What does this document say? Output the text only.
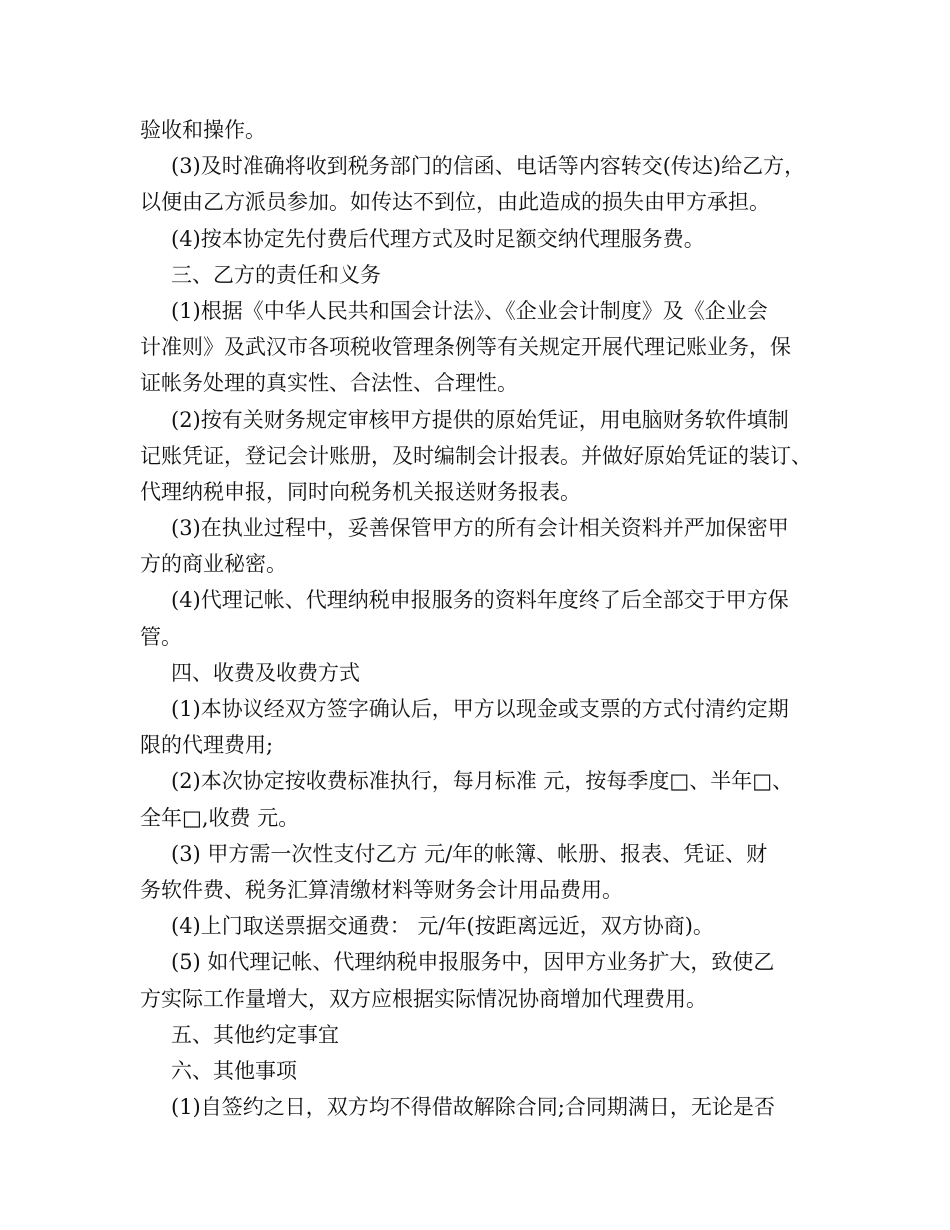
验收和操作。
(3)及时准确将收到税务部门的信函、电话等内容转交(传达)给乙方，
以便由乙方派员参加。如传达不到位，由此造成的损失由甲方承担。
(4)按本协定先付费后代理方式及时足额交纳代理服务费。
三、乙方的责任和义务
(1)根据《中华人民共和国会计法》、《企业会计制度》及《企业会
计准则》及武汉市各项税收管理条例等有关规定开展代理记账业务，保
证帐务处理的真实性、合法性、合理性。
(2)按有关财务规定审核甲方提供的原始凭证，用电脑财务软件填制
记账凭证，登记会计账册，及时编制会计报表。并做好原始凭证的装订、
代理纳税申报，同时向税务机关报送财务报表。
(3)在执业过程中，妥善保管甲方的所有会计相关资料并严加保密甲
方的商业秘密。
(4)代理记帐、代理纳税申报服务的资料年度终了后全部交于甲方保
管。
四、收费及收费方式
(1)本协议经双方签字确认后，甲方以现金或支票的方式付清约定期
限的代理费用;
(2)本次协定按收费标准执行，每月标准 元，按每季度□、半年□、
全年□,收费 元。
(3) 甲方需一次性支付乙方 元/年的帐簿、帐册、报表、凭证、财
务软件费、税务汇算清缴材料等财务会计用品费用。
(4)上门取送票据交通费： 元/年(按距离远近，双方协商)。
(5) 如代理记帐、代理纳税申报服务中，因甲方业务扩大，致使乙
方实际工作量增大，双方应根据实际情况协商增加代理费用。
五、其他约定事宜
六、其他事项
(1)自签约之日，双方均不得借故解除合同;合同期满日，无论是否
